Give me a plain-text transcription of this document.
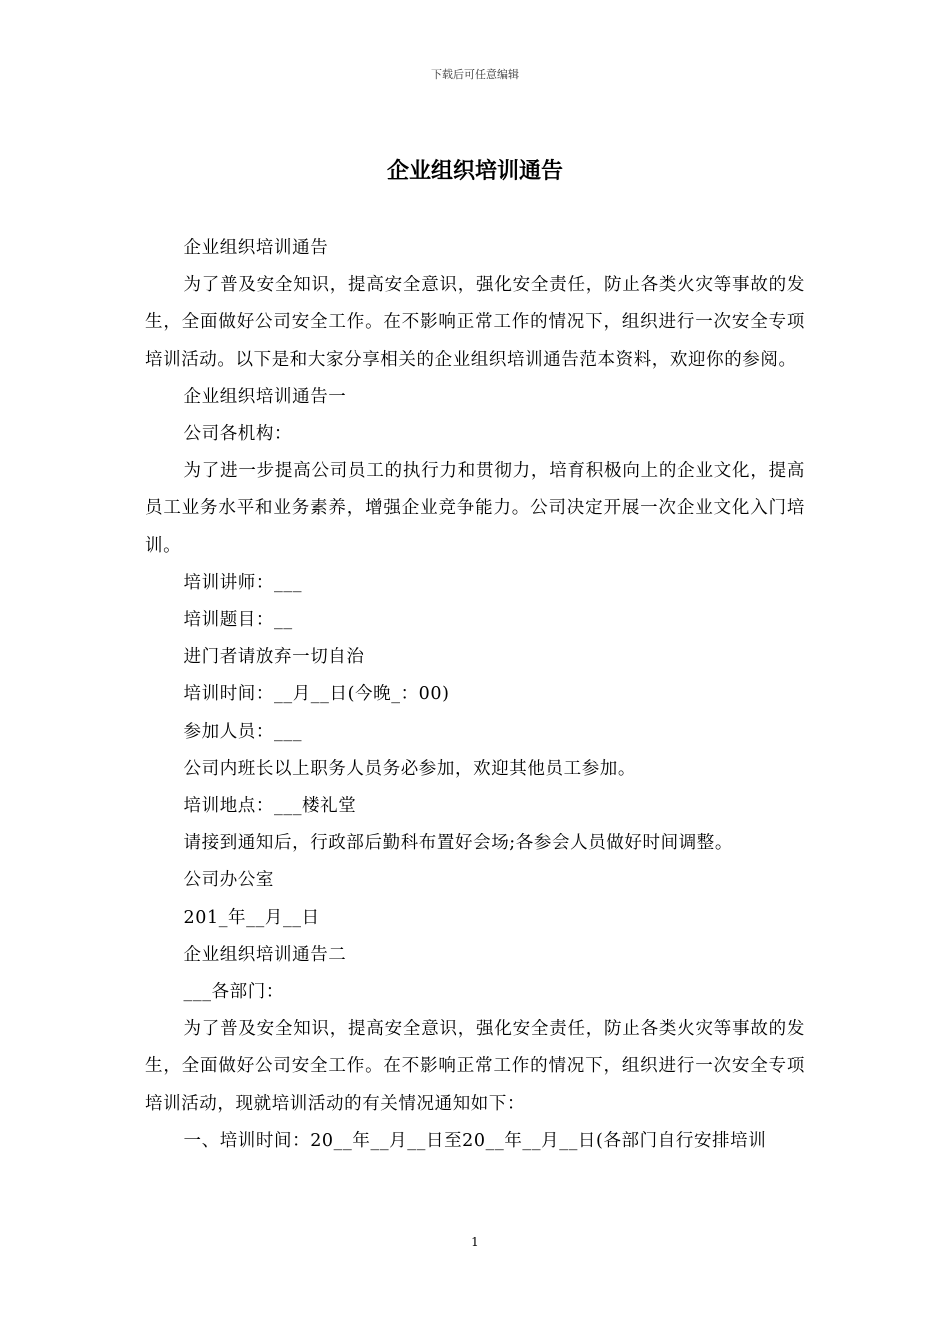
下载后可任意编辑
企业组织培训通告

企业组织培训通告

为了普及安全知识，提高安全意识，强化安全责任，防止各类火灾等事故的发生，全面做好公司安全工作。在不影响正常工作的情况下，组织进行一次安全专项培训活动。以下是和大家分享相关的企业组织培训通告范本资料，欢迎你的参阅。

企业组织培训通告一

公司各机构：

为了进一步提高公司员工的执行力和贯彻力，培育积极向上的企业文化，提高员工业务水平和业务素养，增强企业竞争能力。公司决定开展一次企业文化入门培训。

培训讲师：___

培训题目：__

进门者请放弃一切自治

培训时间：__月__日(今晚_：00)

参加人员：___

公司内班长以上职务人员务必参加，欢迎其他员工参加。

培训地点：___楼礼堂

请接到通知后，行政部后勤科布置好会场;各参会人员做好时间调整。

公司办公室

201_年__月__日

企业组织培训通告二

___各部门：

为了普及安全知识，提高安全意识，强化安全责任，防止各类火灾等事故的发生，全面做好公司安全工作。在不影响正常工作的情况下，组织进行一次安全专项培训活动，现就培训活动的有关情况通知如下：

一、培训时间：20__年__月__日至20__年__月__日(各部门自行安排培训

1
